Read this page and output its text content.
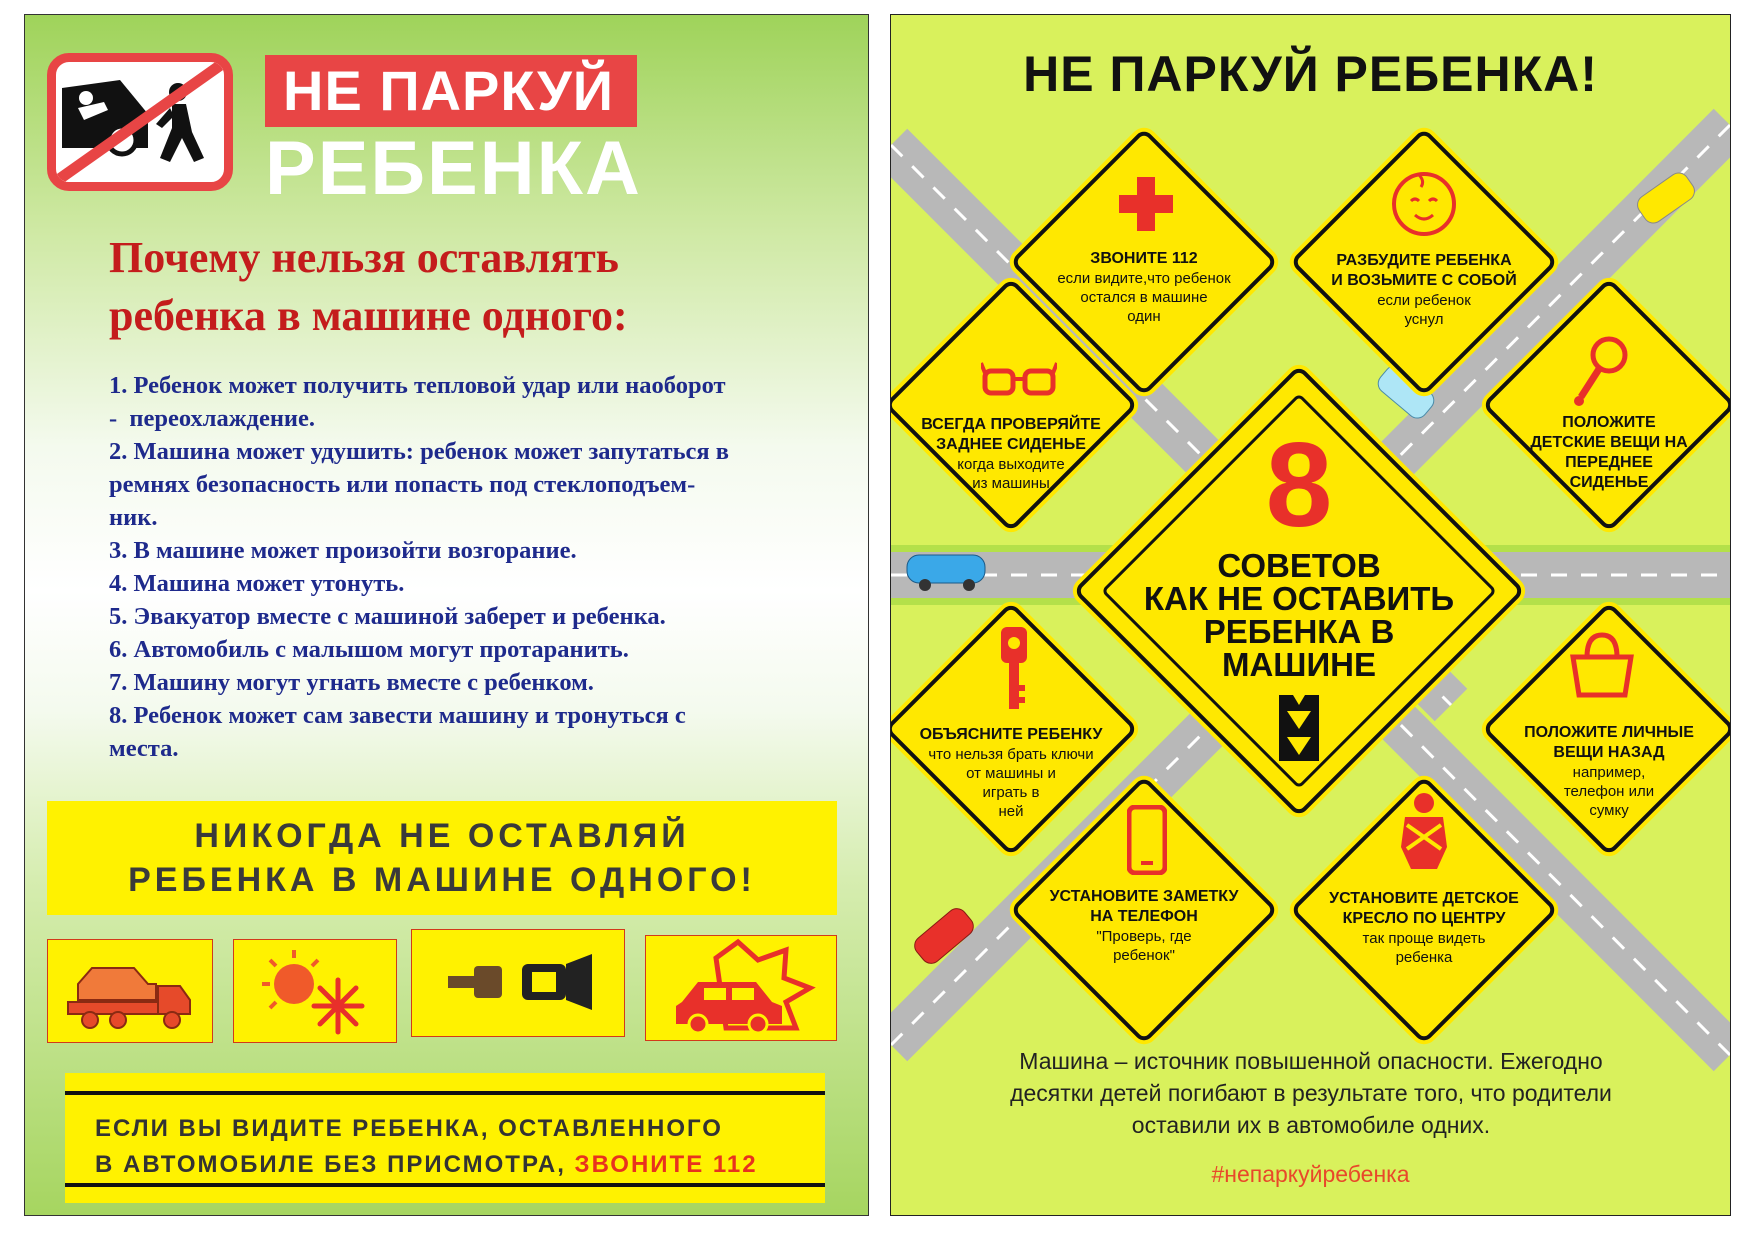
НЕ ПАРКУЙ
РЕБЕНКА
Почему нельзя оставлять
ребенка в машине одного:
1. Ребенок может получить тепловой удар или наоборот
-  переохлаждение.
2. Машина может удушить: ребенок может запутаться в
ремнях безопасность или попасть под стеклоподъем-
ник.
3. В машине может произойти возгорание.
4. Машина может утонуть.
5. Эвакуатор вместе с машиной заберет и ребенка.
6. Автомобиль с малышом могут протаранить.
7. Машину могут угнать вместе с ребенком.
8. Ребенок может сам завести машину и тронуться с
места.
НИКОГДА НЕ ОСТАВЛЯЙ
РЕБЕНКА В МАШИНЕ ОДНОГО!
ЕСЛИ ВЫ ВИДИТЕ РЕБЕНКА, ОСТАВЛЕННОГО
В АВТОМОБИЛЕ БЕЗ ПРИСМОТРА, ЗВОНИТЕ 112
НЕ ПАРКУЙ РЕБЕНКА!
8
СОВЕТОВ
КАК НЕ ОСТАВИТЬ
РЕБЕНКА В
МАШИНЕ
ЗВОНИТЕ 112
если видите,что ребенок
остался в машине
один
РАЗБУДИТЕ РЕБЕНКА
И ВОЗЬМИТЕ С СОБОЙ
если ребенок
уснул
ВСЕГДА ПРОВЕРЯЙТЕ
ЗАДНЕЕ СИДЕНЬЕ
когда выходите
из машины
ПОЛОЖИТЕ
ДЕТСКИЕ ВЕЩИ НА
ПЕРЕДНЕЕ
СИДЕНЬЕ
ОБЪЯСНИТЕ РЕБЕНКУ
что нельзя брать ключи
от машины и
играть в
ней
ПОЛОЖИТЕ ЛИЧНЫЕ
ВЕЩИ НАЗАД
например,
телефон или
сумку
УСТАНОВИТЕ ЗАМЕТКУ
НА ТЕЛЕФОН
"Проверь, где
ребенок"
УСТАНОВИТЕ ДЕТСКОЕ
КРЕСЛО ПО ЦЕНТРУ
так проще видеть
ребенка
Машина – источник повышенной опасности. Ежегодно
десятки детей погибают в результате того, что родители
оставили их в автомобиле одних.
#непаркуйребенка
